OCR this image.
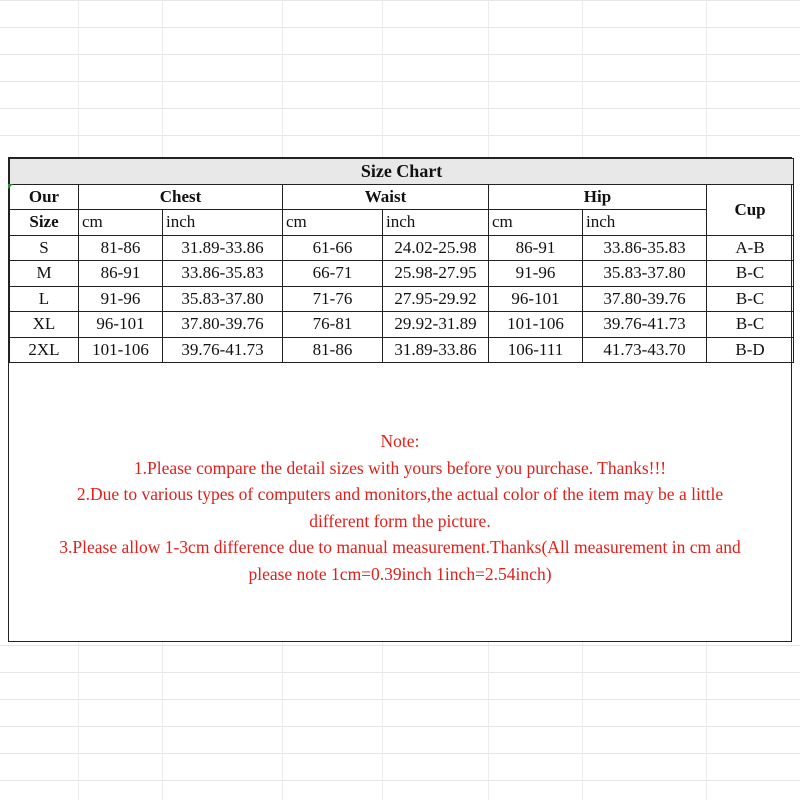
Size Chart							
Our	Chest		Waist		Hip		Cup
Size	cm	inch	cm	inch	cm	inch	
S	81-86	31.89-33.86	61-66	24.02-25.98	86-91	33.86-35.83	A-B
M	86-91	33.86-35.83	66-71	25.98-27.95	91-96	35.83-37.80	B-C
L	91-96	35.83-37.80	71-76	27.95-29.92	96-101	37.80-39.76	B-C
XL	96-101	37.80-39.76	76-81	29.92-31.89	101-106	39.76-41.73	B-C
2XL	101-106	39.76-41.73	81-86	31.89-33.86	106-111	41.73-43.70	B-D
Note:
1.Please compare the detail sizes with yours before you purchase. Thanks!!!
2.Due to various types of computers and monitors,the actual color of the item may be a little
different form the picture.
3.Please allow 1-3cm difference due to manual measurement.Thanks(All measurement in cm and
please note 1cm=0.39inch 1inch=2.54inch)
